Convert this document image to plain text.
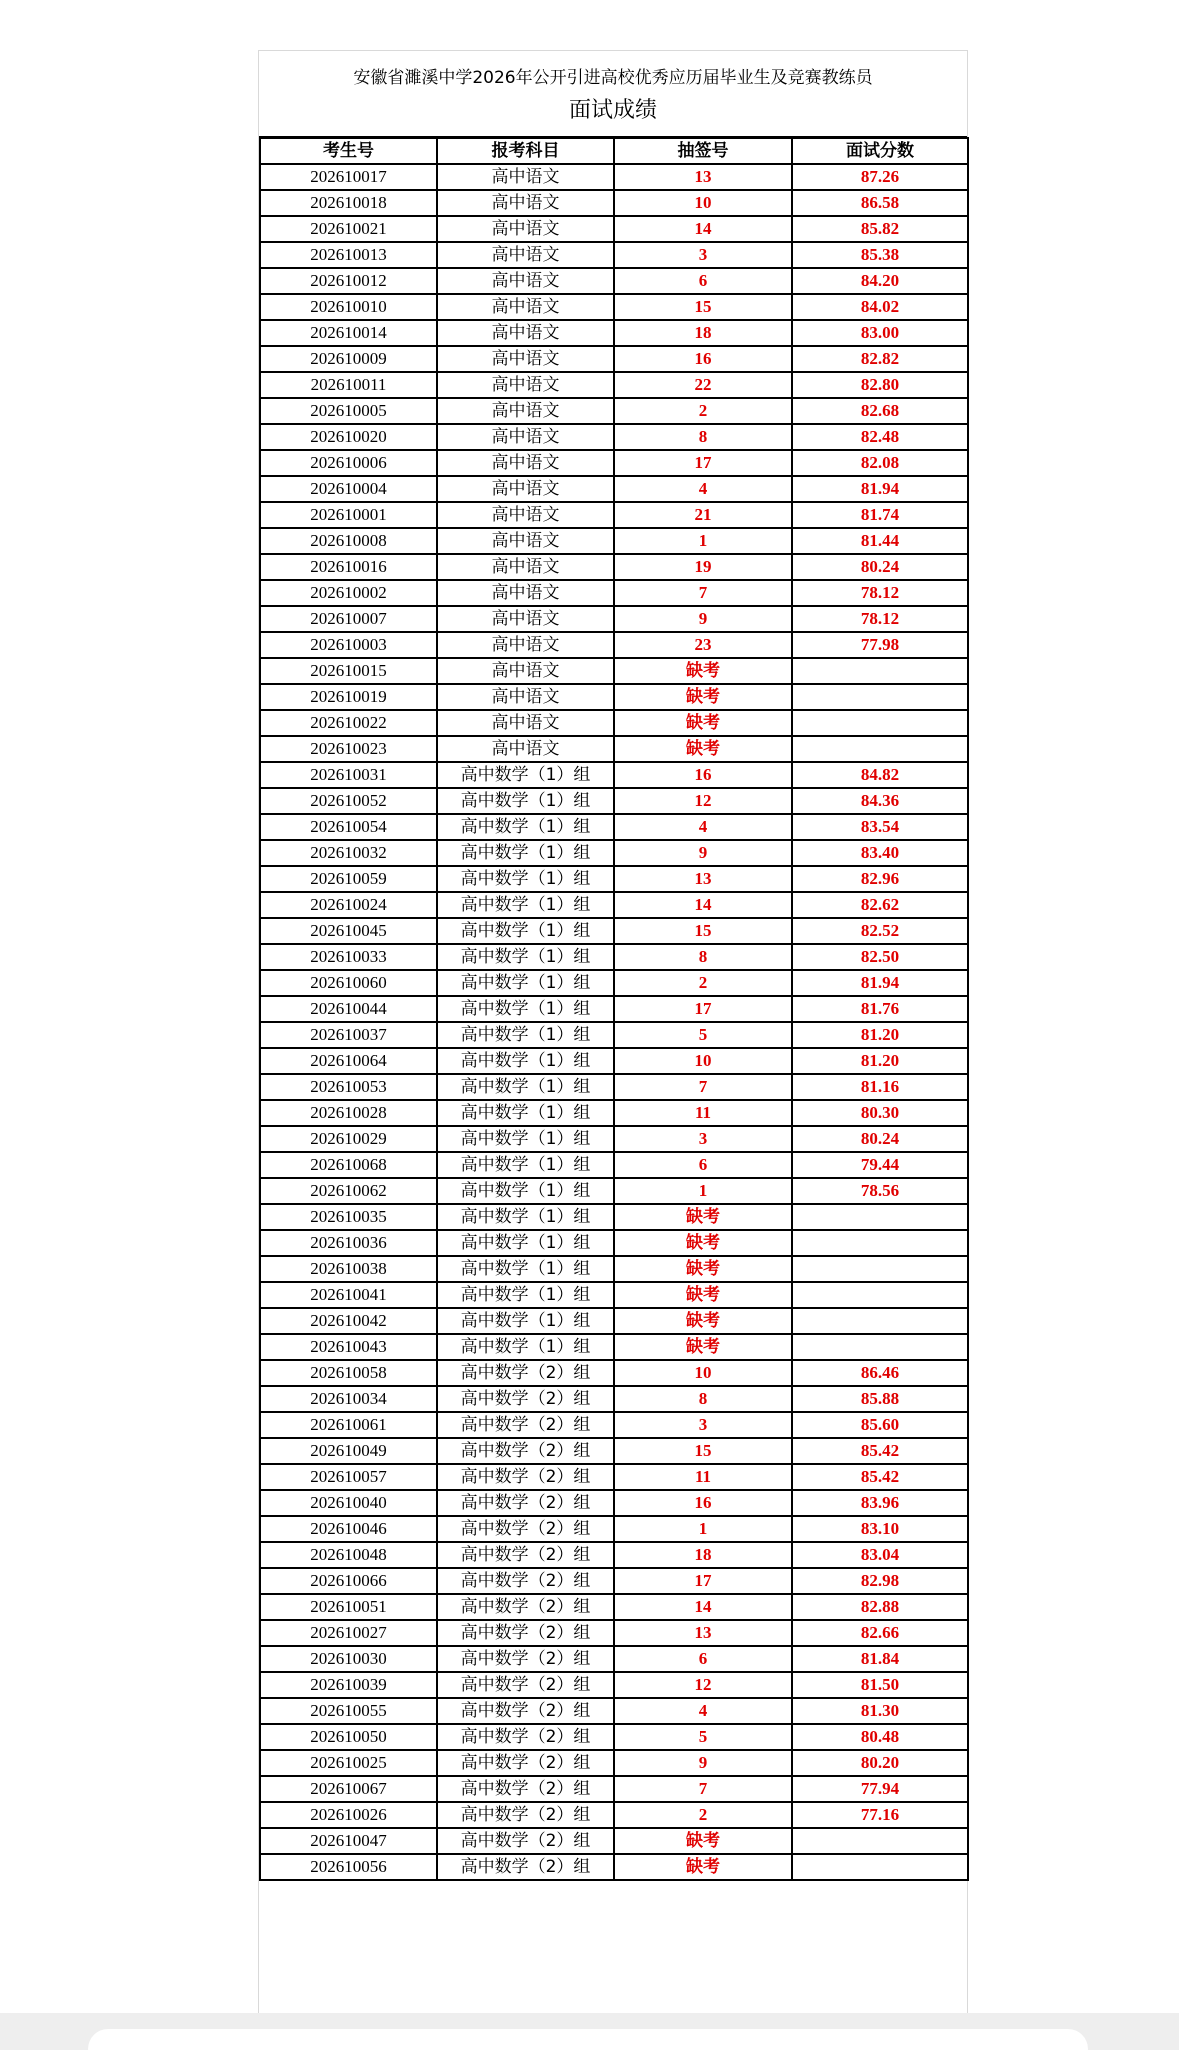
安徽省濉溪中学2026年公开引进高校优秀应历届毕业生及竞赛教练员
面试成绩
考生号	报考科目	抽签号	面试分数
202610017	高中语文	13	87.26
202610018	高中语文	10	86.58
202610021	高中语文	14	85.82
202610013	高中语文	3	85.38
202610012	高中语文	6	84.20
202610010	高中语文	15	84.02
202610014	高中语文	18	83.00
202610009	高中语文	16	82.82
202610011	高中语文	22	82.80
202610005	高中语文	2	82.68
202610020	高中语文	8	82.48
202610006	高中语文	17	82.08
202610004	高中语文	4	81.94
202610001	高中语文	21	81.74
202610008	高中语文	1	81.44
202610016	高中语文	19	80.24
202610002	高中语文	7	78.12
202610007	高中语文	9	78.12
202610003	高中语文	23	77.98
202610015	高中语文	缺考	
202610019	高中语文	缺考	
202610022	高中语文	缺考	
202610023	高中语文	缺考	
202610031	高中数学（1）组	16	84.82
202610052	高中数学（1）组	12	84.36
202610054	高中数学（1）组	4	83.54
202610032	高中数学（1）组	9	83.40
202610059	高中数学（1）组	13	82.96
202610024	高中数学（1）组	14	82.62
202610045	高中数学（1）组	15	82.52
202610033	高中数学（1）组	8	82.50
202610060	高中数学（1）组	2	81.94
202610044	高中数学（1）组	17	81.76
202610037	高中数学（1）组	5	81.20
202610064	高中数学（1）组	10	81.20
202610053	高中数学（1）组	7	81.16
202610028	高中数学（1）组	11	80.30
202610029	高中数学（1）组	3	80.24
202610068	高中数学（1）组	6	79.44
202610062	高中数学（1）组	1	78.56
202610035	高中数学（1）组	缺考	
202610036	高中数学（1）组	缺考	
202610038	高中数学（1）组	缺考	
202610041	高中数学（1）组	缺考	
202610042	高中数学（1）组	缺考	
202610043	高中数学（1）组	缺考	
202610058	高中数学（2）组	10	86.46
202610034	高中数学（2）组	8	85.88
202610061	高中数学（2）组	3	85.60
202610049	高中数学（2）组	15	85.42
202610057	高中数学（2）组	11	85.42
202610040	高中数学（2）组	16	83.96
202610046	高中数学（2）组	1	83.10
202610048	高中数学（2）组	18	83.04
202610066	高中数学（2）组	17	82.98
202610051	高中数学（2）组	14	82.88
202610027	高中数学（2）组	13	82.66
202610030	高中数学（2）组	6	81.84
202610039	高中数学（2）组	12	81.50
202610055	高中数学（2）组	4	81.30
202610050	高中数学（2）组	5	80.48
202610025	高中数学（2）组	9	80.20
202610067	高中数学（2）组	7	77.94
202610026	高中数学（2）组	2	77.16
202610047	高中数学（2）组	缺考	
202610056	高中数学（2）组	缺考	
